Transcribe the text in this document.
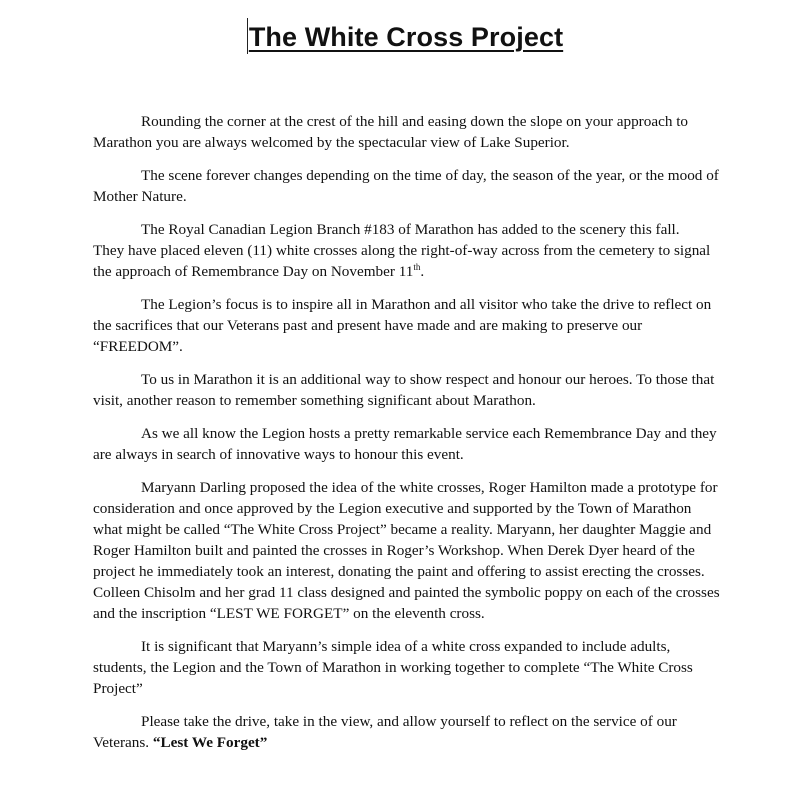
The White Cross Project

Rounding the corner at the crest of the hill and easing down the slope on your approach to Marathon you are always welcomed by the spectacular view of Lake Superior.

The scene forever changes depending on the time of day, the season of the year, or the mood of Mother Nature.

The Royal Canadian Legion Branch #183 of Marathon has added to the scenery this fall.
They have placed eleven (11) white crosses along the right-of-way across from the cemetery to signal the approach of Remembrance Day on November 11th.

The Legion’s focus is to inspire all in Marathon and all visitor who take the drive to reflect on the sacrifices that our Veterans past and present have made and are making to preserve our “FREEDOM”.

To us in Marathon it is an additional way to show respect and honour our heroes. To those that visit, another reason to remember something significant about Marathon.

As we all know the Legion hosts a pretty remarkable service each Remembrance Day and they are always in search of innovative ways to honour this event.

Maryann Darling proposed the idea of the white crosses, Roger Hamilton made a prototype for consideration and once approved by the Legion executive and supported by the Town of Marathon what might be called “The White Cross Project” became a reality. Maryann, her daughter Maggie and Roger Hamilton built and painted the crosses in Roger’s Workshop. When Derek Dyer heard of the project he immediately took an interest, donating the paint and offering to assist erecting the crosses. Colleen Chisolm and her grad 11 class designed and painted the symbolic poppy on each of the crosses and the inscription “LEST WE FORGET” on the eleventh cross.

It is significant that Maryann’s simple idea of a white cross expanded to include adults, students, the Legion and the Town of Marathon in working together to complete “The White Cross Project”

Please take the drive, take in the view, and allow yourself to reflect on the service of our Veterans. “Lest We Forget”
